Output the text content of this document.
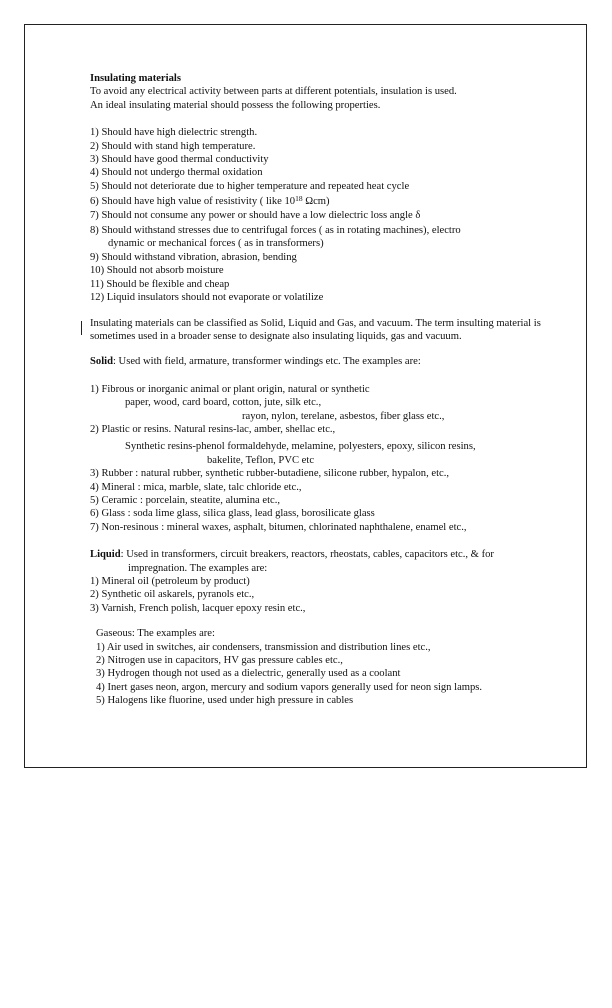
Insulating materials

To avoid any electrical activity between parts at different potentials, insulation is used.

An ideal insulating material should possess the following properties.

1) Should have high dielectric strength.

2) Should with stand high temperature.

3) Should have good thermal conductivity

4) Should not undergo thermal oxidation

5) Should not deteriorate due to higher temperature and repeated heat cycle

6) Should have high value of resistivity ( like $10^{18}$ Ωcm)

7) Should not consume any power or should have a low dielectric loss angle δ

8) Should withstand stresses due to centrifugal forces ( as in rotating machines), electro

dynamic or mechanical forces ( as in transformers)

9) Should withstand vibration, abrasion, bending

10) Should not absorb moisture

11) Should be flexible and cheap

12) Liquid insulators should not evaporate or volatilize

Insulating materials can be classified as Solid, Liquid and Gas, and vacuum. The term insulting material is sometimes used in a broader sense to designate also insulating liquids, gas and vacuum.

Solid: Used with field, armature, transformer windings etc. The examples are:

1) Fibrous or inorganic animal or plant origin, natural or synthetic

paper, wood, card board, cotton, jute, silk etc.,

rayon, nylon, terelane, asbestos, fiber glass etc.,

2) Plastic or resins. Natural resins-lac, amber, shellac etc.,

Synthetic resins-phenol formaldehyde, melamine, polyesters, epoxy, silicon resins,

bakelite, Teflon, PVC etc

3) Rubber : natural rubber, synthetic rubber-butadiene, silicone rubber, hypalon, etc.,

4) Mineral : mica, marble, slate, talc chloride etc.,

5) Ceramic : porcelain, steatite, alumina etc.,

6) Glass : soda lime glass, silica glass, lead glass, borosilicate glass

7) Non-resinous : mineral waxes, asphalt, bitumen, chlorinated naphthalene, enamel etc.,

Liquid: Used in transformers, circuit breakers, reactors, rheostats, cables, capacitors etc., & for

impregnation. The examples are:

1) Mineral oil (petroleum by product)

2) Synthetic oil askarels, pyranols etc.,

3) Varnish, French polish, lacquer epoxy resin etc.,

Gaseous: The examples are:

1) Air used in switches, air condensers, transmission and distribution lines etc.,

2) Nitrogen use in capacitors, HV gas pressure cables etc.,

3) Hydrogen though not used as a dielectric, generally used as a coolant

4) Inert gases neon, argon, mercury and sodium vapors generally used for neon sign lamps.

5) Halogens like fluorine, used under high pressure in cables
